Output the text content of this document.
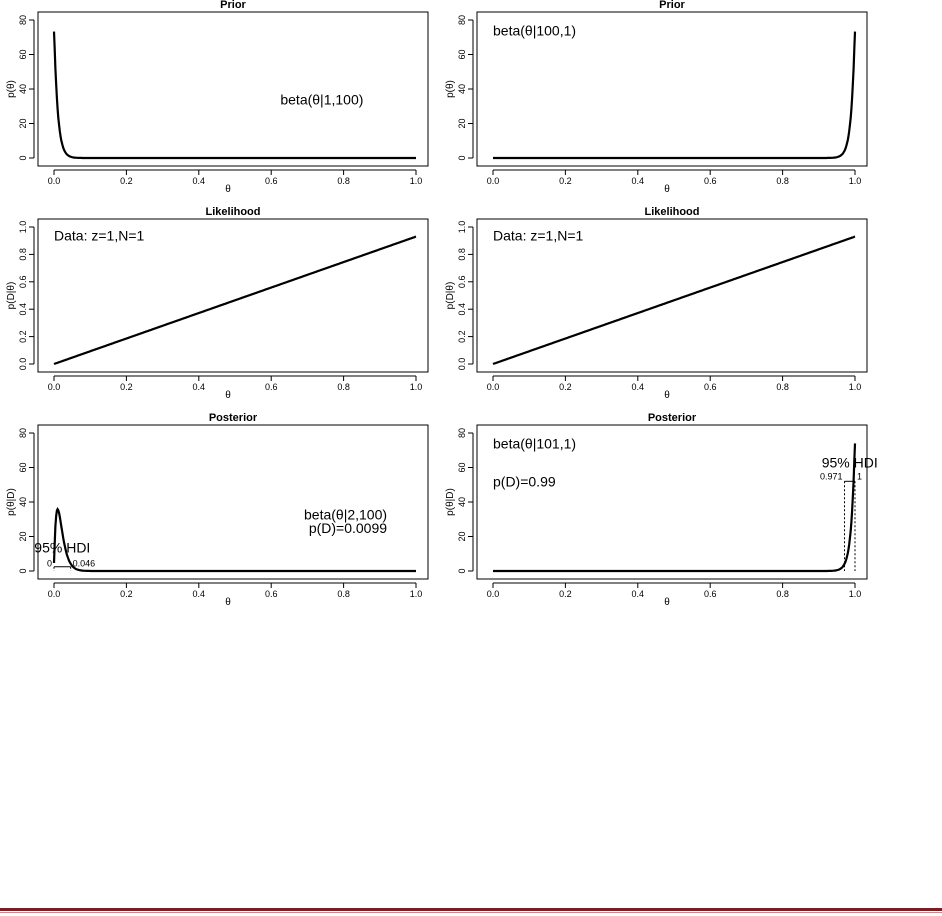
Prior
0.0	0.2	0.4	0.6	0.8	1.0
θ
0
20
40
60
80
p(θ)
beta(θ|1,100)
Prior
0.0	0.2	0.4	0.6	0.8	1.0
θ
0
20
40
60
80
p(θ)
beta(θ|100,1)
Likelihood
0.0	0.2	0.4	0.6	0.8	1.0
θ
0.0
0.2
0.4
0.6
0.8
1.0
p(D|θ)
Data: z=1,N=1
Likelihood
0.0	0.2	0.4	0.6	0.8	1.0
θ
0.0
0.2
0.4
0.6
0.8
1.0
p(D|θ)
Data: z=1,N=1
Posterior
0.0	0.2	0.4	0.6	0.8	1.0
θ
0
20
40
60
80
p(θ|D)	beta(θ|2,100)
p(D)=0.0099
95% HDI
0 0.046
Posterior
0.0	0.2	0.4	0.6	0.8	1.0
θ
0
20
40
60
80
p(θ|D)
beta(θ|101,1)
p(D)=0.99
95% HDI
0.971 1
